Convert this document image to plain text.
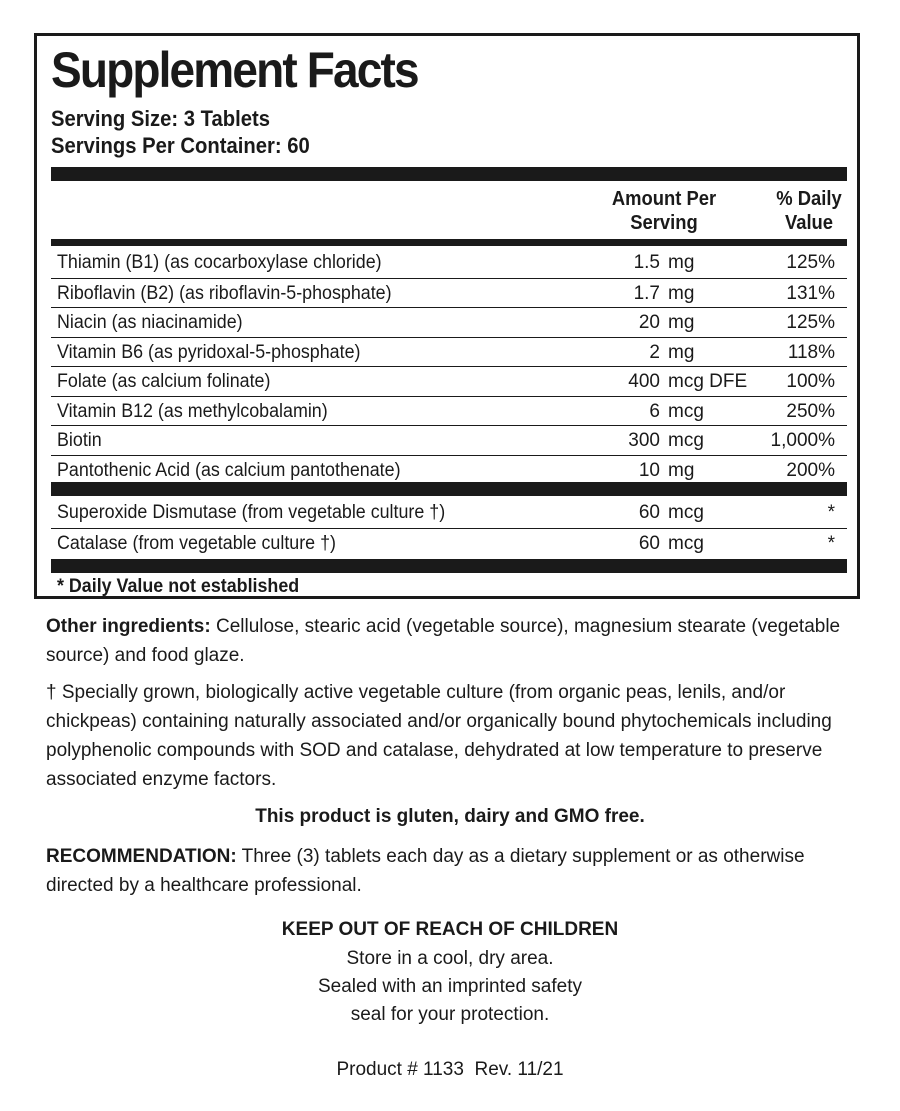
Supplement Facts
Serving Size: 3 Tablets
Servings Per Container: 60
Amount Per
Serving
% Daily
Value
Thiamin (B1) (as cocarboxylase chloride)	1.5 mg	125%
Riboflavin (B2) (as riboflavin-5-phosphate)	1.7 mg	131%
Niacin (as niacinamide)	20 mg	125%
Vitamin B6 (as pyridoxal-5-phosphate)	2 mg	118%
Folate (as calcium folinate)	400 mcg DFE 100%
Vitamin B12 (as methylcobalamin)	6 mcg	250%
Biotin	300 mcg	1,000%
Pantothenic Acid (as calcium pantothenate)	10 mg	200%
Superoxide Dismutase (from vegetable culture †)	60 mcg	*
Catalase (from vegetable culture †)	60 mcg	*
* Daily Value not established
Other ingredients: Cellulose, stearic acid (vegetable source), magnesium stearate (vegetable source) and food glaze.
† Specially grown, biologically active vegetable culture (from organic peas, lenils, and/or chickpeas) containing naturally associated and/or organically bound phytochemicals including polyphenolic compounds with SOD and catalase, dehydrated at low temperature to preserve associated enzyme factors.
This product is gluten, dairy and GMO free.
RECOMMENDATION: Three (3) tablets each day as a dietary supplement or as otherwise directed by a healthcare professional.
KEEP OUT OF REACH OF CHILDREN
Store in a cool, dry area.
Sealed with an imprinted safety
seal for your protection.
Product # 1133  Rev. 11/21
